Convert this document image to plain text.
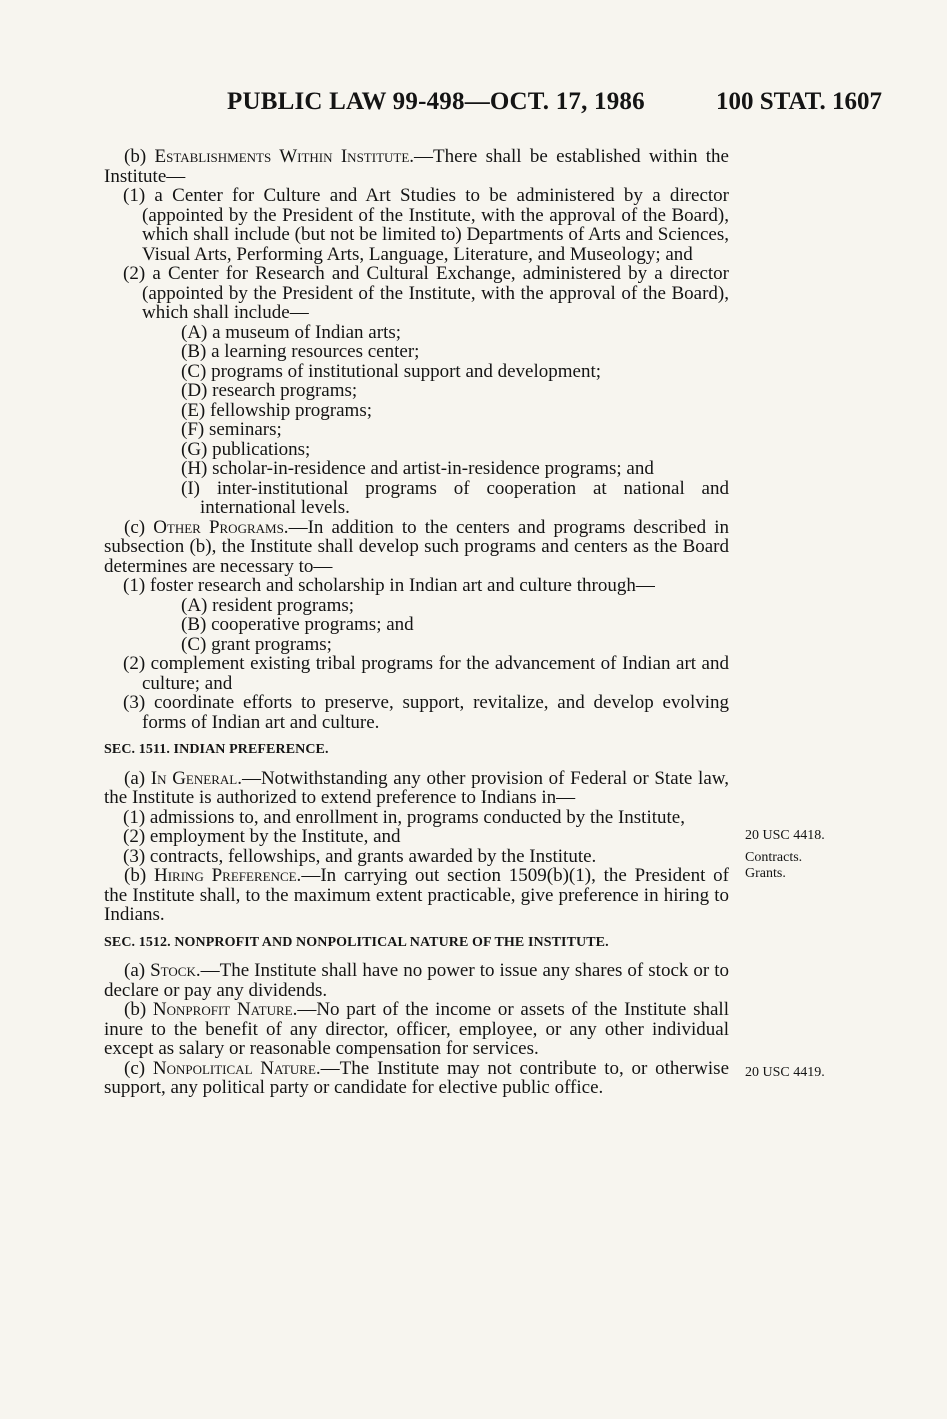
PUBLIC LAW 99-498—OCT. 17, 1986	100 STAT. 1607

(b) Establishments Within Institute.—There shall be established within the Institute—

(1) a Center for Culture and Art Studies to be administered by a director (appointed by the President of the Institute, with the approval of the Board), which shall include (but not be limited to) Departments of Arts and Sciences, Visual Arts, Performing Arts, Language, Literature, and Museology; and

(2) a Center for Research and Cultural Exchange, administered by a director (appointed by the President of the Institute, with the approval of the Board), which shall include—

(A) a museum of Indian arts;

(B) a learning resources center;

(C) programs of institutional support and development;

(D) research programs;

(E) fellowship programs;

(F) seminars;

(G) publications;

(H) scholar-in-residence and artist-in-residence programs; and

(I) inter-institutional programs of cooperation at national and international levels.

(c) Other Programs.—In addition to the centers and programs described in subsection (b), the Institute shall develop such programs and centers as the Board determines are necessary to—

(1) foster research and scholarship in Indian art and culture through—

(A) resident programs;

(B) cooperative programs; and

(C) grant programs;

(2) complement existing tribal programs for the advancement of Indian art and culture; and

(3) coordinate efforts to preserve, support, revitalize, and develop evolving forms of Indian art and culture.

SEC. 1511. INDIAN PREFERENCE.

(a) In General.—Notwithstanding any other provision of Federal or State law, the Institute is authorized to extend preference to Indians in—

(1) admissions to, and enrollment in, programs conducted by the Institute,

(2) employment by the Institute, and

(3) contracts, fellowships, and grants awarded by the Institute.

(b) Hiring Preference.—In carrying out section 1509(b)(1), the President of the Institute shall, to the maximum extent practicable, give preference in hiring to Indians.

SEC. 1512. NONPROFIT AND NONPOLITICAL NATURE OF THE INSTITUTE.

(a) Stock.—The Institute shall have no power to issue any shares of stock or to declare or pay any dividends.

(b) Nonprofit Nature.—No part of the income or assets of the Institute shall inure to the benefit of any director, officer, employee, or any other individual except as salary or reasonable compensation for services.

(c) Nonpolitical Nature.—The Institute may not contribute to, or otherwise support, any political party or candidate for elective public office.

20 USC 4418.
Contracts.
Grants.
20 USC 4419.
